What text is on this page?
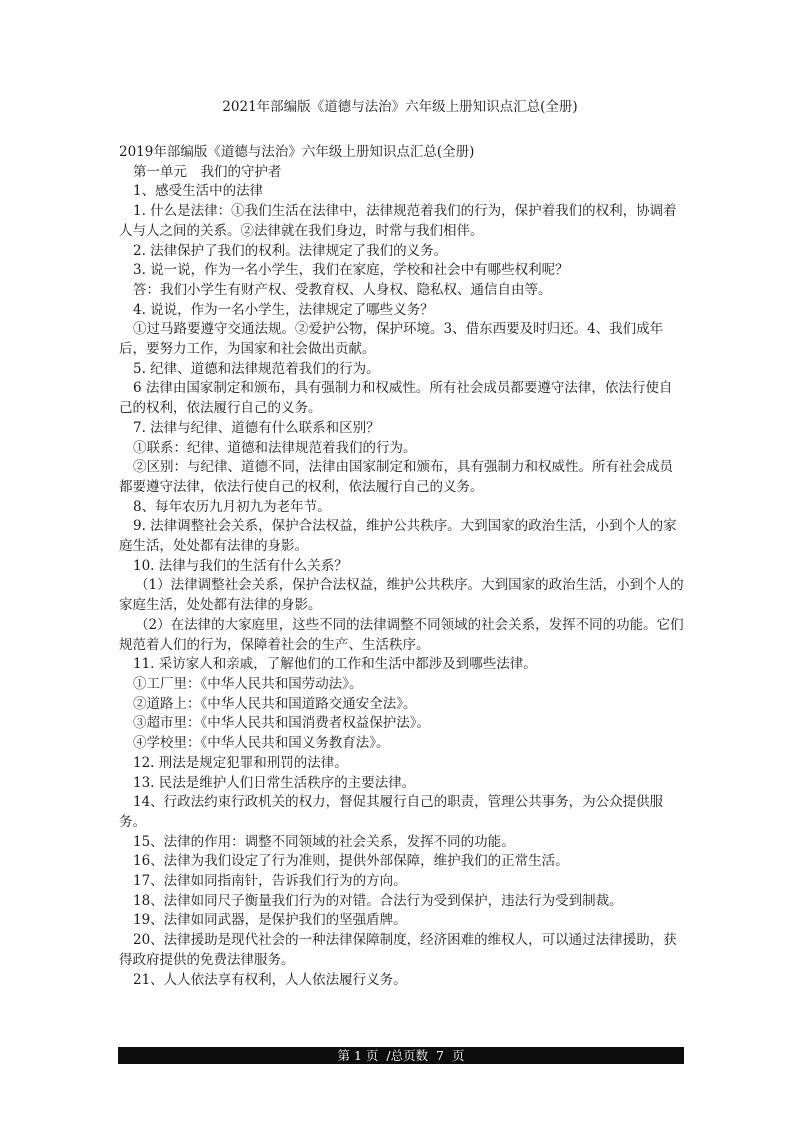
2021年部编版《道德与法治》六年级上册知识点汇总(全册)

2019年部编版《道德与法治》六年级上册知识点汇总(全册)

第一单元　我们的守护者

1、感受生活中的法律

1. 什么是法律：①我们生活在法律中，法律规范着我们的行为，保护着我们的权利，协调着人与人之间的关系。②法律就在我们身边，时常与我们相伴。

2. 法律保护了我们的权利。法律规定了我们的义务。

3. 说一说，作为一名小学生，我们在家庭，学校和社会中有哪些权利呢？

答：我们小学生有财产权、受教育权、人身权、隐私权、通信自由等。

4. 说说，作为一名小学生，法律规定了哪些义务？

①过马路要遵守交通法规。②爱护公物，保护环境。3、借东西要及时归还。4、我们成年后，要努力工作，为国家和社会做出贡献。

5. 纪律、道德和法律规范着我们的行为。

6 法律由国家制定和颁布，具有强制力和权威性。所有社会成员都要遵守法律，依法行使自己的权利，依法履行自己的义务。

7. 法律与纪律、道德有什么联系和区别？

①联系：纪律、道德和法律规范着我们的行为。

②区别：与纪律、道德不同，法律由国家制定和颁布，具有强制力和权威性。所有社会成员都要遵守法律，依法行使自己的权利，依法履行自己的义务。

8、每年农历九月初九为老年节。

9. 法律调整社会关系，保护合法权益，维护公共秩序。大到国家的政治生活，小到个人的家庭生活，处处都有法律的身影。

10. 法律与我们的生活有什么关系？

（1）法律调整社会关系，保护合法权益，维护公共秩序。大到国家的政治生活，小到个人的家庭生活，处处都有法律的身影。

（2）在法律的大家庭里，这些不同的法律调整不同领域的社会关系，发挥不同的功能。它们规范着人们的行为，保障着社会的生产、生活秩序。

11. 采访家人和亲戚，了解他们的工作和生活中都涉及到哪些法律。

①工厂里：《中华人民共和国劳动法》。

②道路上：《中华人民共和国道路交通安全法》。

③超市里：《中华人民共和国消费者权益保护法》。

④学校里：《中华人民共和国义务教育法》。

12. 刑法是规定犯罪和刑罚的法律。

13. 民法是维护人们日常生活秩序的主要法律。

14、行政法约束行政机关的权力，督促其履行自己的职责，管理公共事务，为公众提供服务。

15、法律的作用：调整不同领域的社会关系，发挥不同的功能。

16、法律为我们设定了行为准则，提供外部保障，维护我们的正常生活。

17、法律如同指南针，告诉我们行为的方向。

18、法律如同尺子衡量我们行为的对错。合法行为受到保护，违法行为受到制裁。

19、法律如同武器，是保护我们的坚强盾牌。

20、法律援助是现代社会的一种法律保障制度，经济困难的维权人，可以通过法律援助，获得政府提供的免费法律服务。

21、人人依法享有权利，人人依法履行义务。

第 1 页  /总页数  7  页
